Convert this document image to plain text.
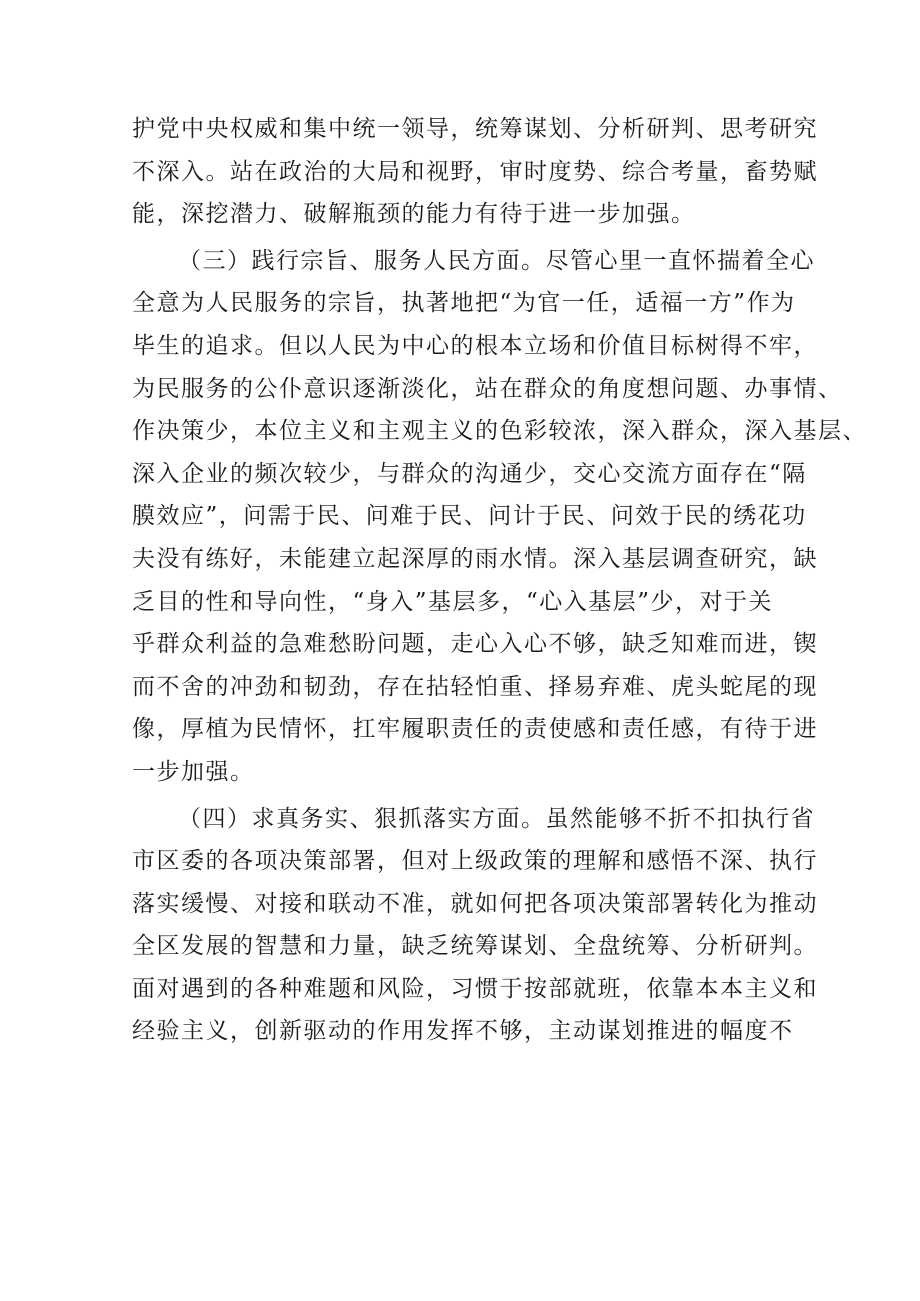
护党中央权威和集中统一领导，统筹谋划、分析研判、思考研究
不深入。站在政治的大局和视野，审时度势、综合考量，畜势赋
能，深挖潜力、破解瓶颈的能力有待于进一步加强。
（三）践行宗旨、服务人民方面。尽管心里一直怀揣着全心
全意为人民服务的宗旨，执著地把“为官一任，适福一方”作为
毕生的追求。但以人民为中心的根本立场和价值目标树得不牢，
为民服务的公仆意识逐渐淡化，站在群众的角度想问题、办事情、
作决策少，本位主义和主观主义的色彩较浓，深入群众，深入基层、
深入企业的频次较少，与群众的沟通少，交心交流方面存在“隔
膜效应”，问需于民、问难于民、问计于民、问效于民的绣花功
夫没有练好，未能建立起深厚的雨水情。深入基层调查研究，缺
乏目的性和导向性，“身入”基层多，“心入基层”少，对于关
乎群众利益的急难愁盼问题，走心入心不够，缺乏知难而进，锲
而不舍的冲劲和韧劲，存在拈轻怕重、择易弃难、虎头蛇尾的现
像，厚植为民情怀，扛牢履职责任的责使感和责任感，有待于进
一步加强。
（四）求真务实、狠抓落实方面。虽然能够不折不扣执行省
市区委的各项决策部署，但对上级政策的理解和感悟不深、执行
落实缓慢、对接和联动不准，就如何把各项决策部署转化为推动
全区发展的智慧和力量，缺乏统筹谋划、全盘统筹、分析研判。
面对遇到的各种难题和风险，习惯于按部就班，依靠本本主义和
经验主义，创新驱动的作用发挥不够，主动谋划推进的幅度不
